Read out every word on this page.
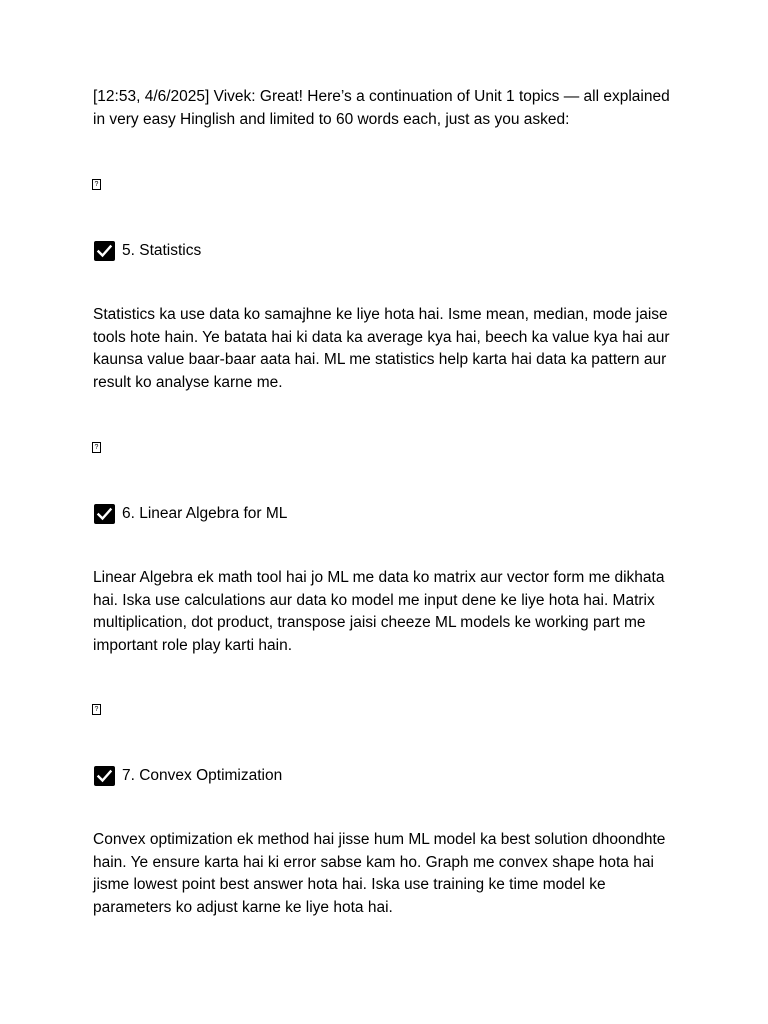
[12:53, 4/6/2025] Vivek: Great! Here’s a continuation of Unit 1 topics — all explained in very easy Hinglish and limited to 60 words each, just as you asked:

?
5. Statistics

Statistics ka use data ko samajhne ke liye hota hai. Isme mean, median, mode jaise tools hote hain. Ye batata hai ki data ka average kya hai, beech ka value kya hai aur kaunsa value baar-baar aata hai. ML me statistics help karta hai data ka pattern aur result ko analyse karne me.

?
6. Linear Algebra for ML

Linear Algebra ek math tool hai jo ML me data ko matrix aur vector form me dikhata hai. Iska use calculations aur data ko model me input dene ke liye hota hai. Matrix multiplication, dot product, transpose jaisi cheeze ML models ke working part me important role play karti hain.

?
7. Convex Optimization

Convex optimization ek method hai jisse hum ML model ka best solution dhoondhte hain. Ye ensure karta hai ki error sabse kam ho. Graph me convex shape hota hai jisme lowest point best answer hota hai. Iska use training ke time model ke parameters ko adjust karne ke liye hota hai.
